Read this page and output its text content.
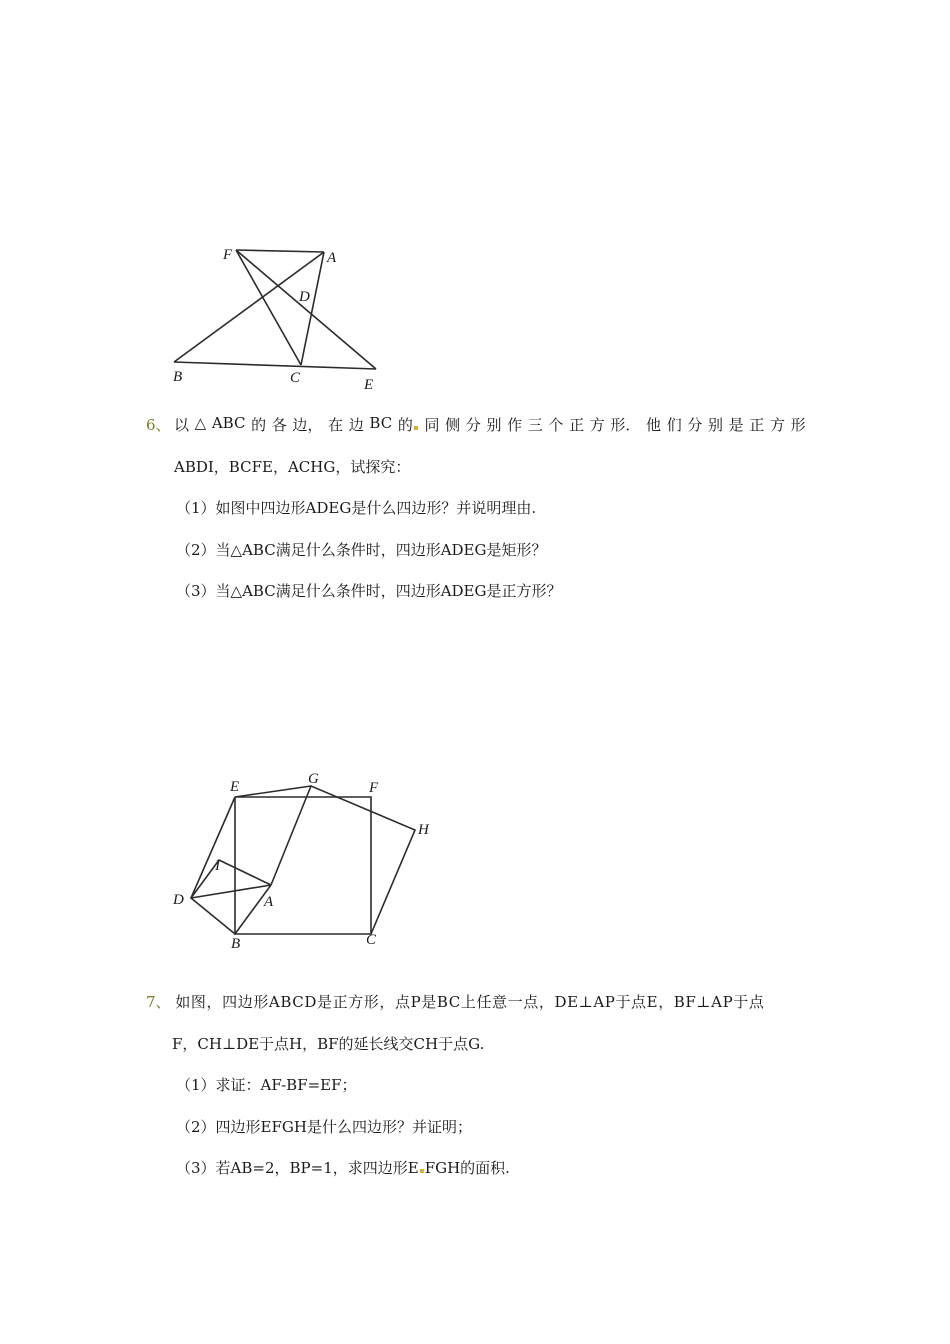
F	A
D
B	C	E
6、 以 △ ABC 的 各 边， 在 边 BC 的 同 侧 分 别 作 三 个 正 方 形． 他 们 分 别 是 正 方 形
ABDI，BCFE，ACHG，试探究：
（1）如图中四边形ADEG是什么四边形？并说明理由.
（2）当△ABC满足什么条件时，四边形ADEG是矩形？
（3）当△ABC满足什么条件时，四边形ADEG是正方形？
E	G
F
H
I
D	A
B	C
7、 如图，四边形ABCD是正方形，点P是BC上任意一点，DE⊥AP于点E，BF⊥AP于点
F，CH⊥DE于点H，BF的延长线交CH于点G.
（1）求证：AF-BF=EF；
（2）四边形EFGH是什么四边形？并证明；
（3）若AB=2，BP=1，求四边形E FGH的面积.
